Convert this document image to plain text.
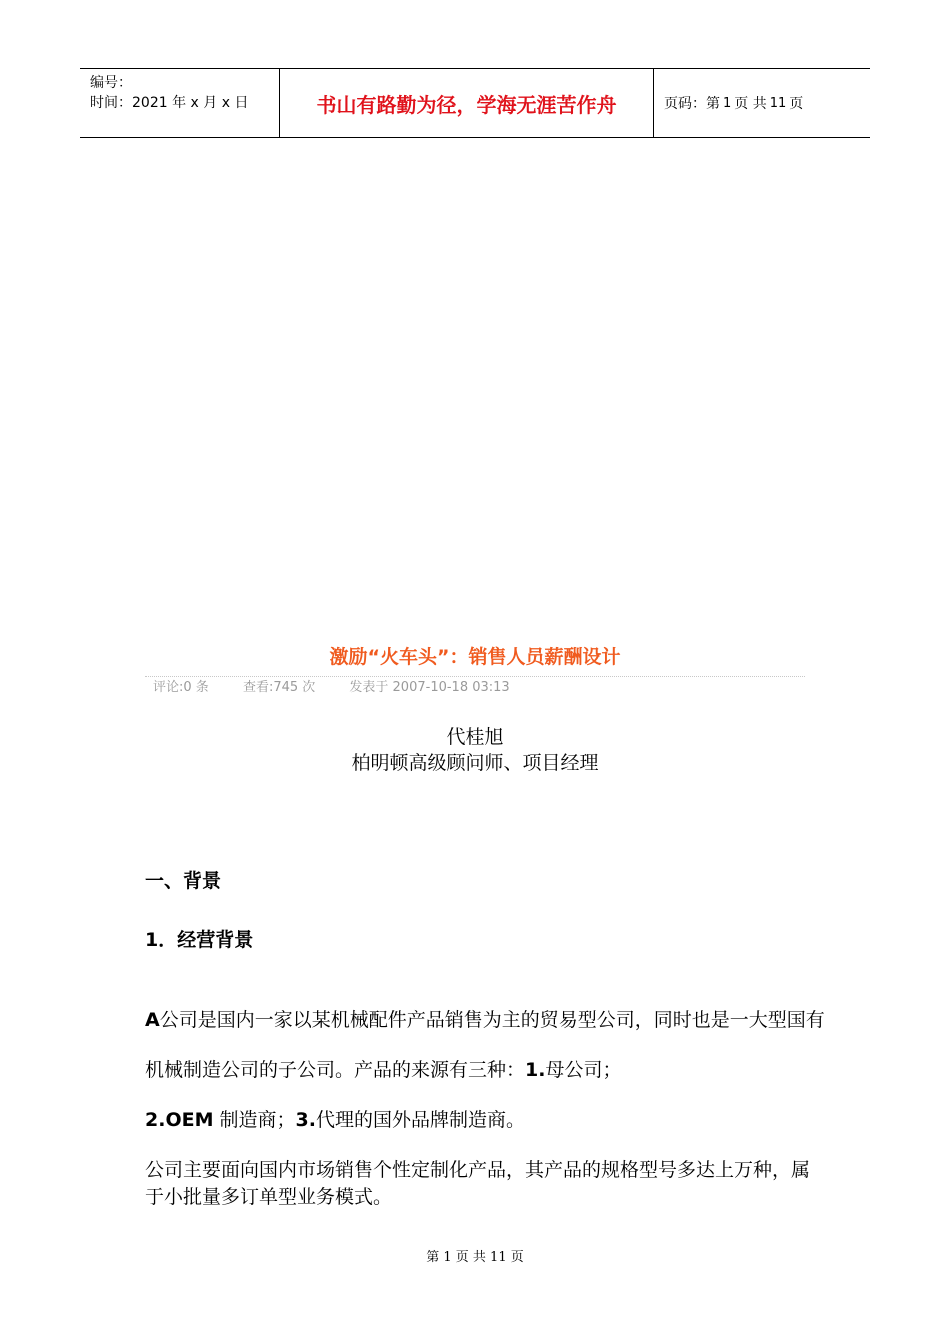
编号：
时间：2021 年 x 月 x 日	书山有路勤为径，学海无涯苦作舟	页码：第 1 页 共 11 页
激励“火车头”：销售人员薪酬设计
评论:0 条	查看:745 次	发表于 2007-10-18 03:13
代桂旭
柏明顿高级顾问师、项目经理
一、背景
1．经营背景
A公司是国内一家以某机械配件产品销售为主的贸易型公司，同时也是一大型国有机械制造公司的子公司。产品的来源有三种：1.母公司；
2.OEM 制造商；3.代理的国外品牌制造商。
公司主要面向国内市场销售个性定制化产品，其产品的规格型号多达上万种，属于小批量多订单型业务模式。
第 1 页 共 11 页
